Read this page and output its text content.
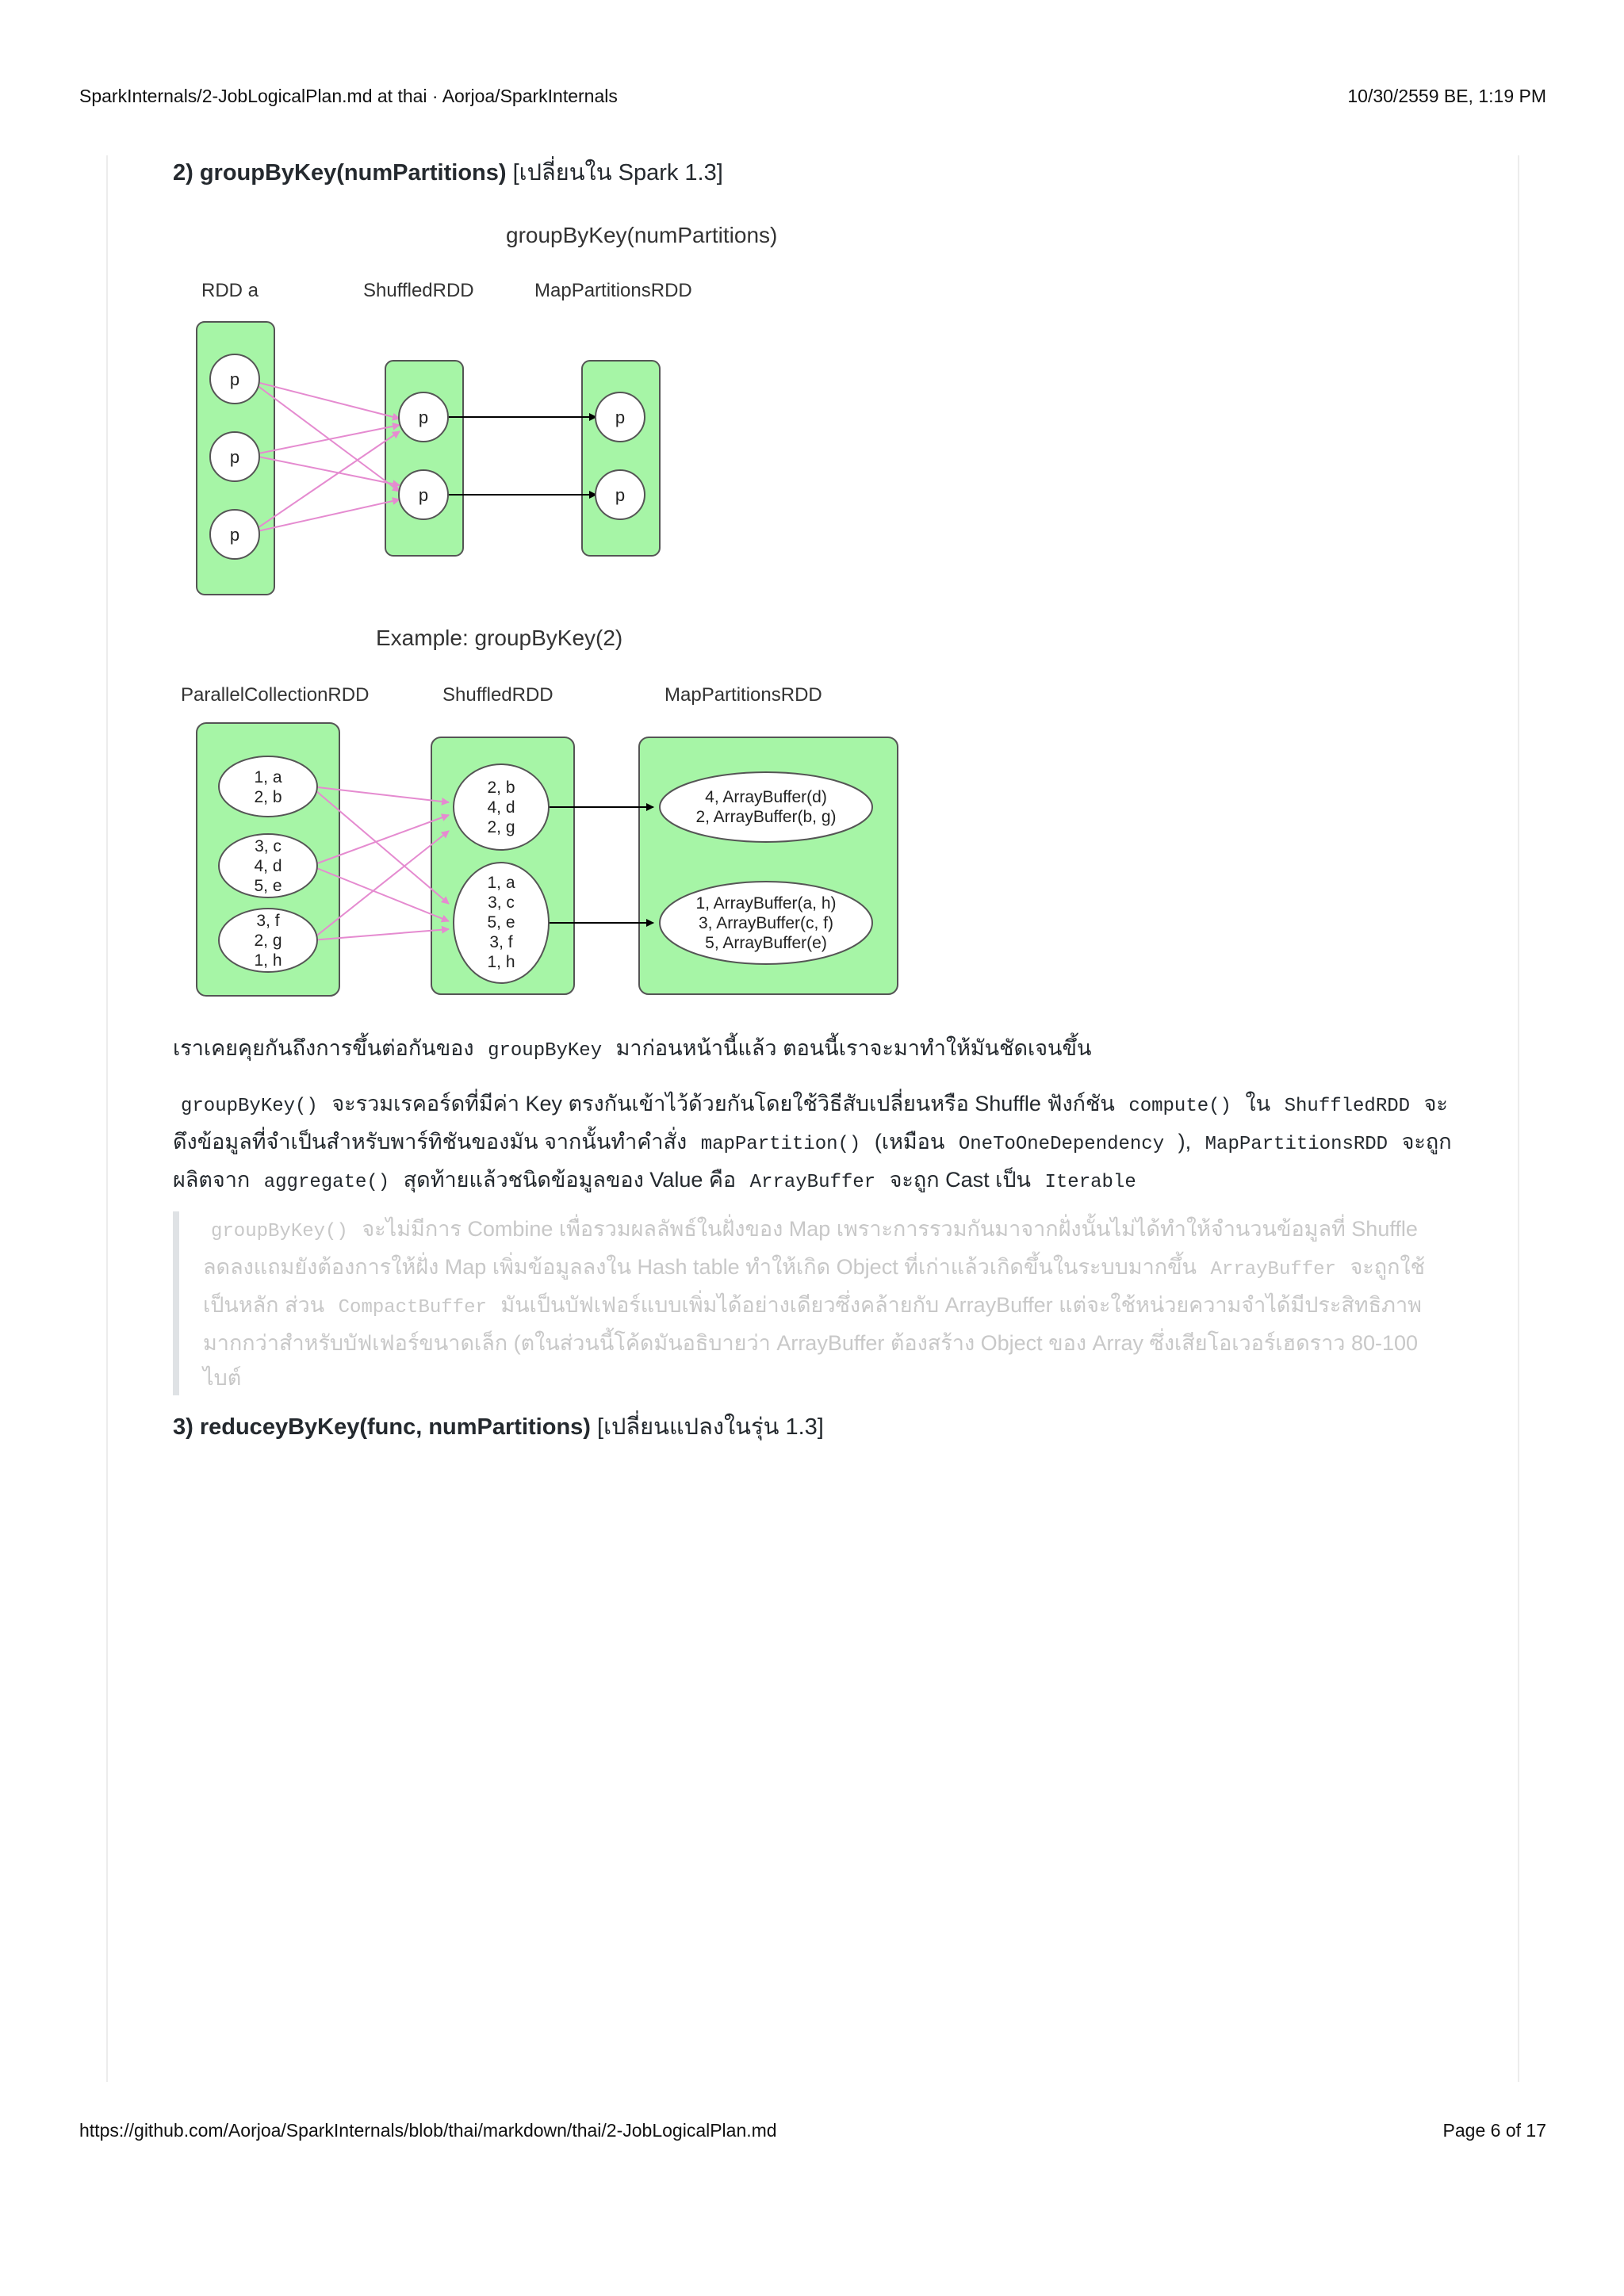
SparkInternals/2-JobLogicalPlan.md at thai · Aorjoa/SparkInternals	10/30/2559 BE, 1:19 PM
2) groupByKey(numPartitions) [เปลี่ยนใน Spark 1.3]
groupByKey(numPartitions)
RDD a	ShuffledRDD	MapPartitionsRDD
p
p
p
p
p
p
p
Example: groupByKey(2)
ParallelCollectionRDD	ShuffledRDD	MapPartitionsRDD
1, a
2, b
3, c
4, d
5, e
3, f
2, g
1, h
2, b
4, d
2, g
1, a
3, c
5, e
3, f
1, h
4, ArrayBuffer(d)
2, ArrayBuffer(b, g)
1, ArrayBuffer(a, h)
3, ArrayBuffer(c, f)
5, ArrayBuffer(e)
เราเคยคุยกันถึงการขึ้นต่อกันของ groupByKey มาก่อนหน้านี้แล้ว ตอนนี้เราจะมาทำให้มันชัดเจนขึ้น
groupByKey() จะรวมเรคอร์ดที่มีค่า Key ตรงกันเข้าไว้ด้วยกันโดยใช้วิธีสับเปลี่ยนหรือ Shuffle ฟังก์ชัน compute() ใน ShuffledRDD จะดึงข้อมูลที่จำเป็นสำหรับพาร์ทิชันของมัน จากนั้นทำคำสั่ง mapPartition() (เหมือน OneToOneDependency ), MapPartitionsRDD จะถูกผลิตจาก aggregate() สุดท้ายแล้วชนิดข้อมูลของ Value คือ ArrayBuffer จะถูก Cast เป็น Iterable
groupByKey() จะไม่มีการ Combine เพื่อรวมผลลัพธ์ในฝั่งของ Map เพราะการรวมกันมาจากฝั่งนั้นไม่ได้ทำให้จำนวนข้อมูลที่ Shuffle ลดลงแถมยังต้องการให้ฝั่ง Map เพิ่มข้อมูลลงใน Hash table ทำให้เกิด Object ที่เก่าแล้วเกิดขึ้นในระบบมากขึ้น ArrayBuffer จะถูกใช้เป็นหลัก ส่วน CompactBuffer มันเป็นบัฟเฟอร์แบบเพิ่มได้อย่างเดียวซึ่งคล้ายกับ ArrayBuffer แต่จะใช้หน่วยความจำได้มีประสิทธิภาพมากกว่าสำหรับบัฟเฟอร์ขนาดเล็ก (ตในส่วนนี้โค้ดมันอธิบายว่า ArrayBuffer ต้องสร้าง Object ของ Array ซึ่งเสียโอเวอร์เฮดราว 80-100 ไบต์
3) reduceyByKey(func, numPartitions) [เปลี่ยนแปลงในรุ่น 1.3]
https://github.com/Aorjoa/SparkInternals/blob/thai/markdown/thai/2-JobLogicalPlan.md	Page 6 of 17
